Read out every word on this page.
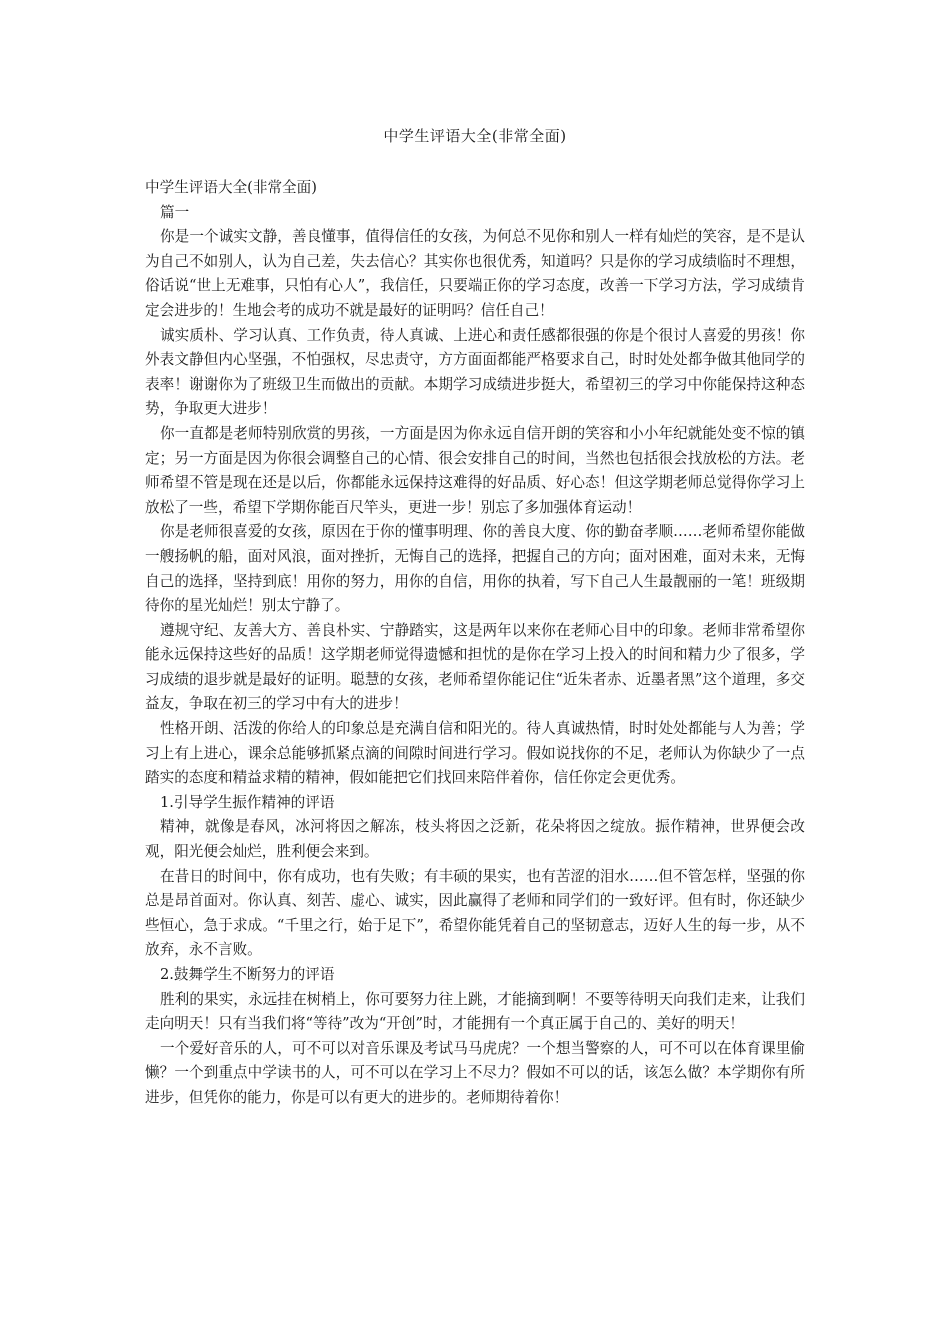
中学生评语大全(非常全面)

中学生评语大全(非常全面)

篇一

你是一个诚实文静，善良懂事，值得信任的女孩，为何总不见你和别人一样有灿烂的笑容，是不是认为自己不如别人，认为自己差，失去信心？其实你也很优秀，知道吗？只是你的学习成绩临时不理想，俗话说“世上无难事，只怕有心人”，我信任，只要端正你的学习态度，改善一下学习方法，学习成绩肯定会进步的！生地会考的成功不就是最好的证明吗？信任自己！

诚实质朴、学习认真、工作负责，待人真诚、上进心和责任感都很强的你是个很讨人喜爱的男孩！你外表文静但内心坚强，不怕强权，尽忠责守，方方面面都能严格要求自己，时时处处都争做其他同学的表率！谢谢你为了班级卫生而做出的贡献。本期学习成绩进步挺大，希望初三的学习中你能保持这种态势，争取更大进步！

你一直都是老师特别欣赏的男孩，一方面是因为你永远自信开朗的笑容和小小年纪就能处变不惊的镇定；另一方面是因为你很会调整自己的心情、很会安排自己的时间，当然也包括很会找放松的方法。老师希望不管是现在还是以后，你都能永远保持这难得的好品质、好心态！但这学期老师总觉得你学习上放松了一些，希望下学期你能百尺竿头，更进一步！别忘了多加强体育运动！

你是老师很喜爱的女孩，原因在于你的懂事明理、你的善良大度、你的勤奋孝顺……老师希望你能做一艘扬帆的船，面对风浪，面对挫折，无悔自己的选择，把握自己的方向；面对困难，面对未来，无悔自己的选择，坚持到底！用你的努力，用你的自信，用你的执着，写下自己人生最靓丽的一笔！班级期待你的星光灿烂！别太宁静了。

遵规守纪、友善大方、善良朴实、宁静踏实，这是两年以来你在老师心目中的印象。老师非常希望你能永远保持这些好的品质！这学期老师觉得遗憾和担忧的是你在学习上投入的时间和精力少了很多，学习成绩的退步就是最好的证明。聪慧的女孩，老师希望你能记住“近朱者赤、近墨者黑”这个道理，多交益友，争取在初三的学习中有大的进步！

性格开朗、活泼的你给人的印象总是充满自信和阳光的。待人真诚热情，时时处处都能与人为善；学习上有上进心，课余总能够抓紧点滴的间隙时间进行学习。假如说找你的不足，老师认为你缺少了一点踏实的态度和精益求精的精神，假如能把它们找回来陪伴着你，信任你定会更优秀。

1.引导学生振作精神的评语

精神，就像是春风，冰河将因之解冻，枝头将因之泛新，花朵将因之绽放。振作精神，世界便会改观，阳光便会灿烂，胜利便会来到。

在昔日的时间中，你有成功，也有失败；有丰硕的果实，也有苦涩的泪水……但不管怎样，坚强的你总是昂首面对。你认真、刻苦、虚心、诚实，因此赢得了老师和同学们的一致好评。但有时，你还缺少些恒心，急于求成。“千里之行，始于足下”，希望你能凭着自己的坚韧意志，迈好人生的每一步，从不放弃，永不言败。

2.鼓舞学生不断努力的评语

胜利的果实，永远挂在树梢上，你可要努力往上跳，才能摘到啊！不要等待明天向我们走来，让我们走向明天！只有当我们将“等待”改为“开创”时，才能拥有一个真正属于自己的、美好的明天！

一个爱好音乐的人，可不可以对音乐课及考试马马虎虎？一个想当警察的人，可不可以在体育课里偷懒？一个到重点中学读书的人，可不可以在学习上不尽力？假如不可以的话，该怎么做？本学期你有所进步，但凭你的能力，你是可以有更大的进步的。老师期待着你！
